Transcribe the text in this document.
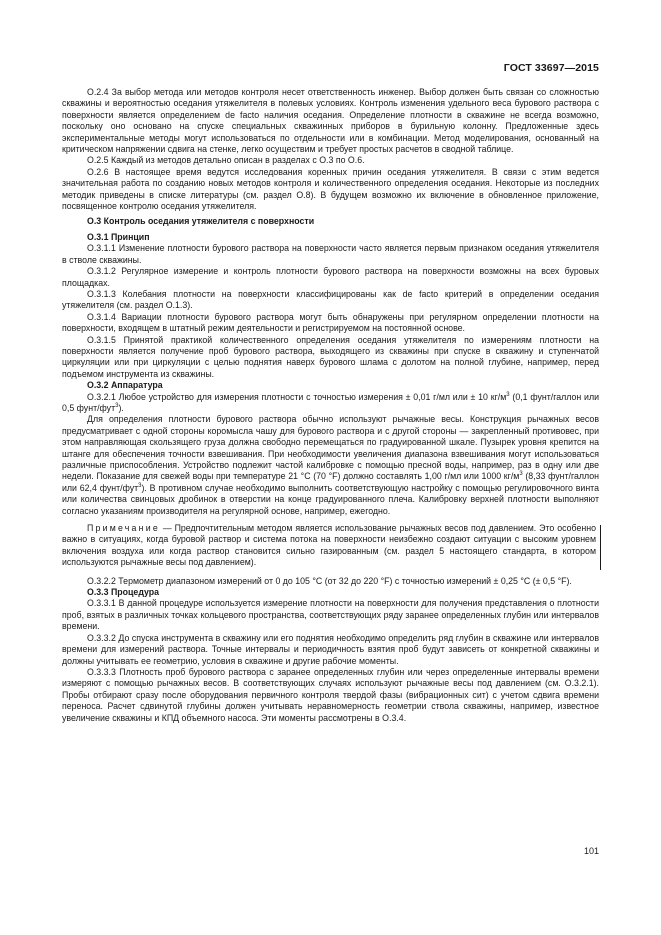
ГОСТ 33697—2015

О.2.4 За выбор метода или методов контроля несет ответственность инженер. Выбор должен быть связан со сложностью скважины и вероятностью оседания утяжелителя в полевых условиях. Контроль изменения удельного веса бурового раствора с поверхности является определением de facto наличия оседания. Определение плотности в скважине не всегда возможно, поскольку оно основано на спуске специальных скважинных приборов в бурильную колонну. Предложенные здесь экспериментальные методы могут использоваться по отдельности или в комбинации. Метод моделирования, основанный на критическом напряжении сдвига на стенке, легко осуществим и требует простых расчетов в сводной таблице.

О.2.5 Каждый из методов детально описан в разделах с О.3 по О.6.

О.2.6 В настоящее время ведутся исследования коренных причин оседания утяжелителя. В связи с этим ведется значительная работа по созданию новых методов контроля и количественного определения оседания. Некоторые из последних методик приведены в списке литературы (см. раздел О.8). В будущем возможно их включение в обновленное приложение, посвященное контролю оседания утяжелителя.

О.3 Контроль оседания утяжелителя с поверхности
О.3.1 Принцип

О.3.1.1 Изменение плотности бурового раствора на поверхности часто является первым признаком оседания утяжелителя в стволе скважины.

О.3.1.2 Регулярное измерение и контроль плотности бурового раствора на поверхности возможны на всех буровых площадках.

О.3.1.3 Колебания плотности на поверхности классифицированы как de facto критерий в определении оседания утяжелителя (см. раздел О.1.3).

О.3.1.4 Вариации плотности бурового раствора могут быть обнаружены при регулярном определении плотности на поверхности, входящем в штатный режим деятельности и регистрируемом на постоянной основе.

О.3.1.5 Принятой практикой количественного определения оседания утяжелителя по измерениям плотности на поверхности является получение проб бурового раствора, выходящего из скважины при спуске в скважину и ступенчатой циркуляции или при циркуляции с целью поднятия наверх бурового шлама с долотом на полной глубине, например, перед подъемом инструмента из скважины.

О.3.2 Аппаратура

О.3.2.1 Любое устройство для измерения плотности с точностью измерения ± 0,01 г/мл или ± 10 $кг/м^3$ (0,1 фунт/галлон или 0,5 фунт/фут$^3$).

Для определения плотности бурового раствора обычно используют рычажные весы. Конструкция рычажных весов предусматривает с одной стороны коромысла чашу для бурового раствора и с другой стороны — закрепленный противовес, при этом направляющая скользящего груза должна свободно перемещаться по градуированной шкале. Пузырек уровня крепится на штанге для обеспечения точности взвешивания. При необходимости увеличения диапазона взвешивания могут использоваться различные приспособления. Устройство подлежит частой калибровке с помощью пресной воды, например, раз в одну или две недели. Показание для свежей воды при температуре 21 °C (70 °F) должно составлять 1,00 г/мл или 1000 $кг/м^3$ (8,33 фунт/галлон или 62,4 фунт/фут$^3$). В противном случае необходимо выполнить соответствующую настройку с помощью регулировочного винта или количества свинцовых дробинок в отверстии на конце градуированного плеча. Калибровку верхней плотности выполняют согласно указаниям производителя на регулярной основе, например, ежегодно.

Примечание — Предпочтительным методом является использование рычажных весов под давлением. Это особенно важно в ситуациях, когда буровой раствор и система потока на поверхности неизбежно создают ситуации с высоким уровнем включения воздуха или когда раствор становится сильно газированным (см. раздел 5 настоящего стандарта, в котором используются рычажные весы под давлением).

О.3.2.2 Термометр диапазоном измерений от 0 до 105 °C (от 32 до 220 °F) с точностью измерений ± 0,25 °C (± 0,5 °F).

О.3.3 Процедура

О.3.3.1 В данной процедуре используется измерение плотности на поверхности для получения представления о плотности проб, взятых в различных точках кольцевого пространства, соответствующих ряду заранее определенных глубин или интервалов времени.

О.3.3.2 До спуска инструмента в скважину или его поднятия необходимо определить ряд глубин в скважине или интервалов времени для измерений раствора. Точные интервалы и периодичность взятия проб будут зависеть от конкретной скважины и должны учитывать ее геометрию, условия в скважине и другие рабочие моменты.

О.3.3.3 Плотность проб бурового раствора с заранее определенных глубин или через определенные интервалы времени измеряют с помощью рычажных весов. В соответствующих случаях используют рычажные весы под давлением (см. О.3.2.1). Пробы отбирают сразу после оборудования первичного контроля твердой фазы (вибрационных сит) с учетом сдвига времени переноса. Расчет сдвинутой глубины должен учитывать неравномерность геометрии ствола скважины, например, известное увеличение скважины и КПД объемного насоса. Эти моменты рассмотрены в О.3.4.

101
